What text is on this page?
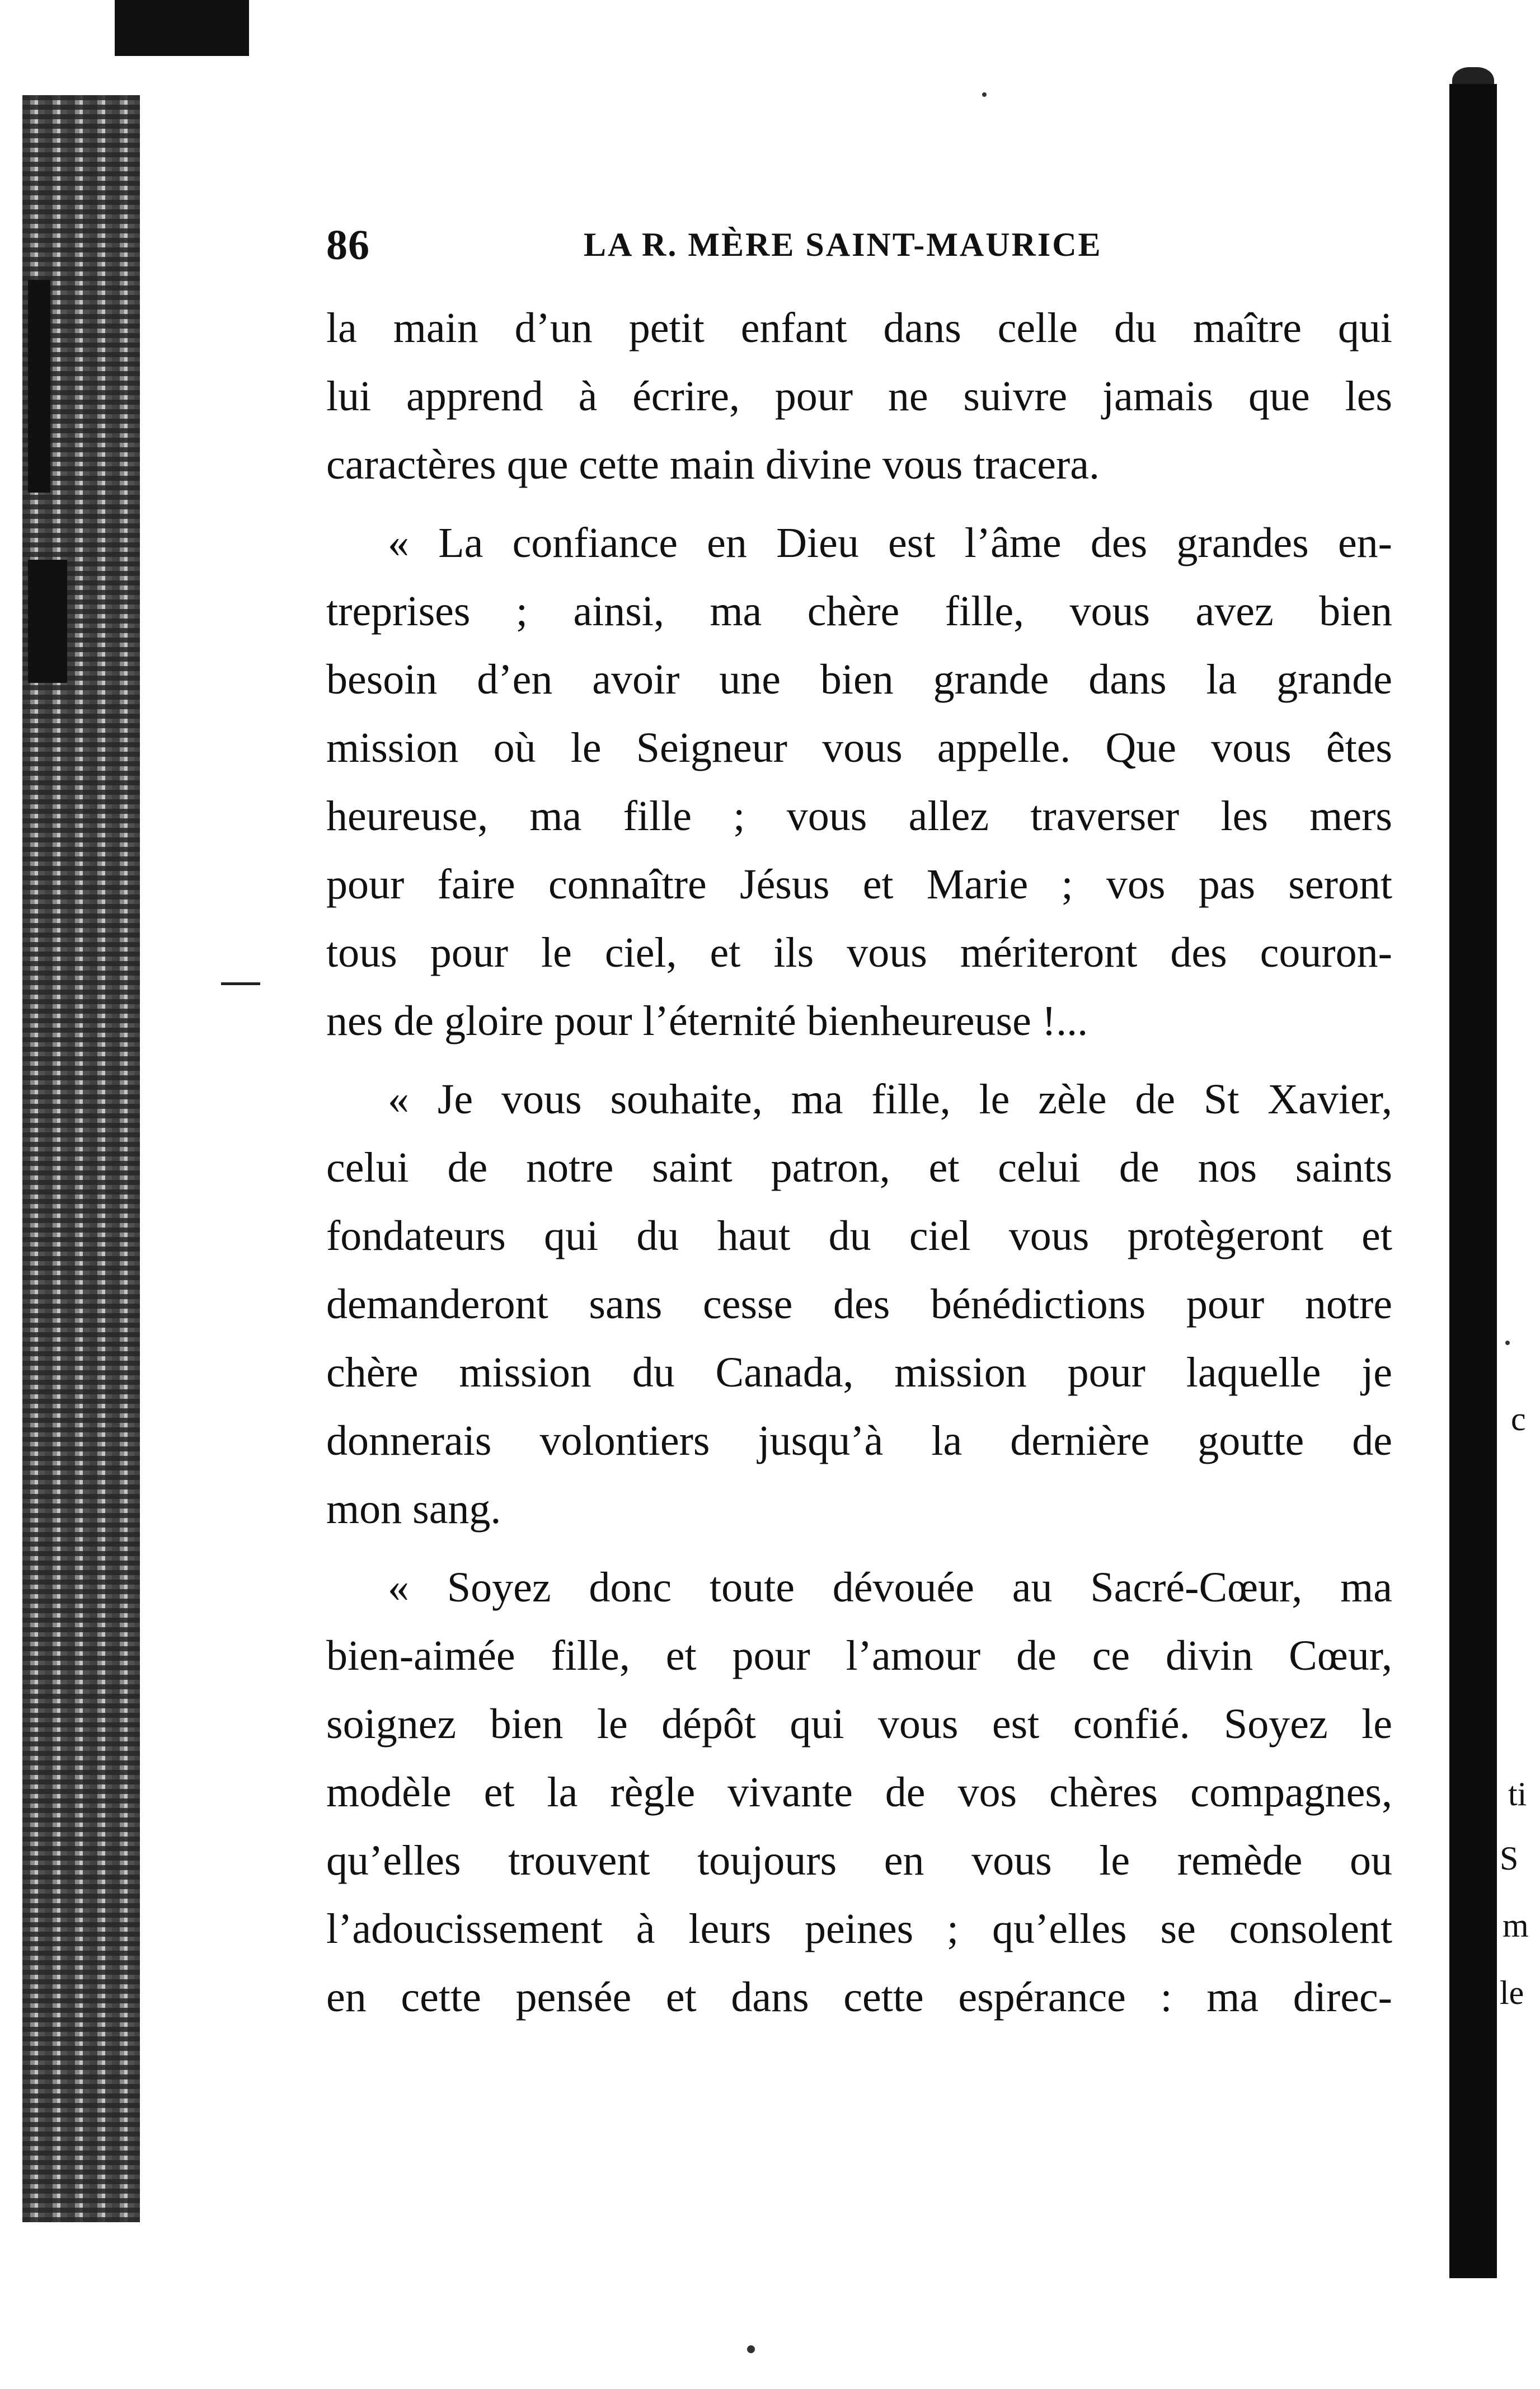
c
ti
S
m
le
86	LA R. MÈRE SAINT-MAURICE
la main d’un petit enfant dans celle du maître qui
lui apprend à écrire, pour ne suivre jamais que les
caractères que cette main divine vous tracera.
« La confiance en Dieu est l’âme des grandes en-
treprises ; ainsi, ma chère fille, vous avez bien
besoin d’en avoir une bien grande dans la grande
mission où le Seigneur vous appelle. Que vous êtes
heureuse, ma fille ; vous allez traverser les mers
pour faire connaître Jésus et Marie ; vos pas seront
tous pour le ciel, et ils vous mériteront des couron-
nes de gloire pour l’éternité bienheureuse !...
« Je vous souhaite, ma fille, le zèle de St Xavier,
celui de notre saint patron, et celui de nos saints
fondateurs qui du haut du ciel vous protègeront et
demanderont sans cesse des bénédictions pour notre
chère mission du Canada, mission pour laquelle je
donnerais volontiers jusqu’à la dernière goutte de
mon sang.
« Soyez donc toute dévouée au Sacré-Cœur, ma
bien-aimée fille, et pour l’amour de ce divin Cœur,
soignez bien le dépôt qui vous est confié. Soyez le
modèle et la règle vivante de vos chères compagnes,
qu’elles trouvent toujours en vous le remède ou
l’adoucissement à leurs peines ; qu’elles se consolent
en cette pensée et dans cette espérance : ma direc-
